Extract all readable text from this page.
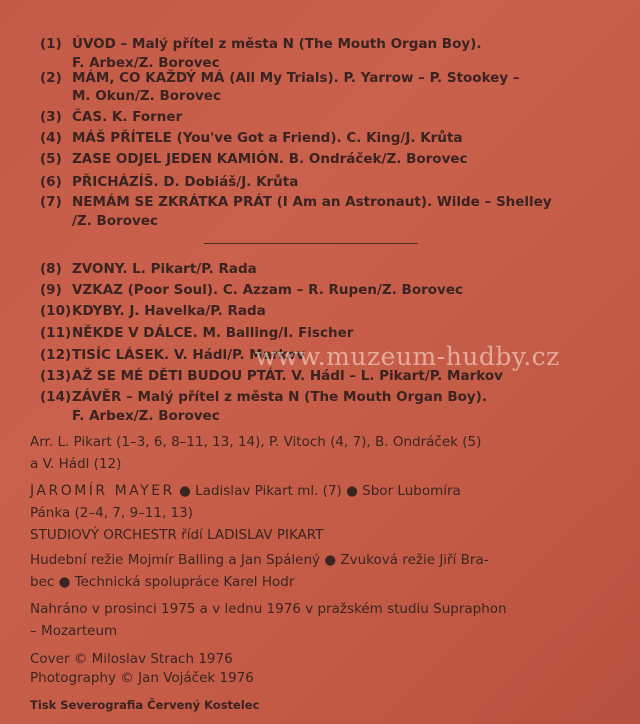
(1) ÚVOD – Malý přítel z města N (The Mouth Organ Boy).
F. Arbex/Z. Borovec
(2) MÁM, CO KAŽDÝ MÁ (All My Trials). P. Yarrow – P. Stookey –
M. Okun/Z. Borovec
(3) ČAS. K. Forner
(4) MÁŠ PŘÍTELE (You've Got a Friend). C. King/J. Krůta
(5) ZASE ODJEL JEDEN KAMIÓN. B. Ondráček/Z. Borovec
(6) PŘICHÁZÍŠ. D. Dobiáš/J. Krůta
(7) NEMÁM SE ZKRÁTKA PRÁT (I Am an Astronaut). Wilde – Shelley
/Z. Borovec
(8) ZVONY. L. Pikart/P. Rada
(9) VZKAZ (Poor Soul). C. Azzam – R. Rupen/Z. Borovec
(10)KDYBY. J. Havelka/P. Rada
(11)NĚKDE V DÁLCE. M. Balling/I. Fischer
(12)TISÍC LÁSEK. V. Hádl/P. Markov
(13)AŽ SE MÉ DĚTI BUDOU PTÁT. V. Hádl – L. Pikart/P. Markov
(14)ZÁVĚR – Malý přítel z města N (The Mouth Organ Boy).
F. Arbex/Z. Borovec
www.muzeum-hudby.cz
Arr. L. Pikart (1–3, 6, 8–11, 13, 14), P. Vitoch (4, 7), B. Ondráček (5)
a V. Hádl (12)
JAROMÍR MAYER ● Ladislav Pikart ml. (7) ● Sbor Lubomíra
Pánka (2–4, 7, 9–11, 13)
STUDIOVÝ ORCHESTR řídí LADISLAV PIKART
Hudební režie Mojmír Balling a Jan Spálený ● Zvuková režie Jiří Bra-
bec ● Technická spolupráce Karel Hodr
Nahráno v prosinci 1975 a v lednu 1976 v pražském studiu Supraphon
– Mozarteum
Cover © Miloslav Strach 1976
Photography © Jan Vojáček 1976
Tisk Severografia Červený Kostelec
